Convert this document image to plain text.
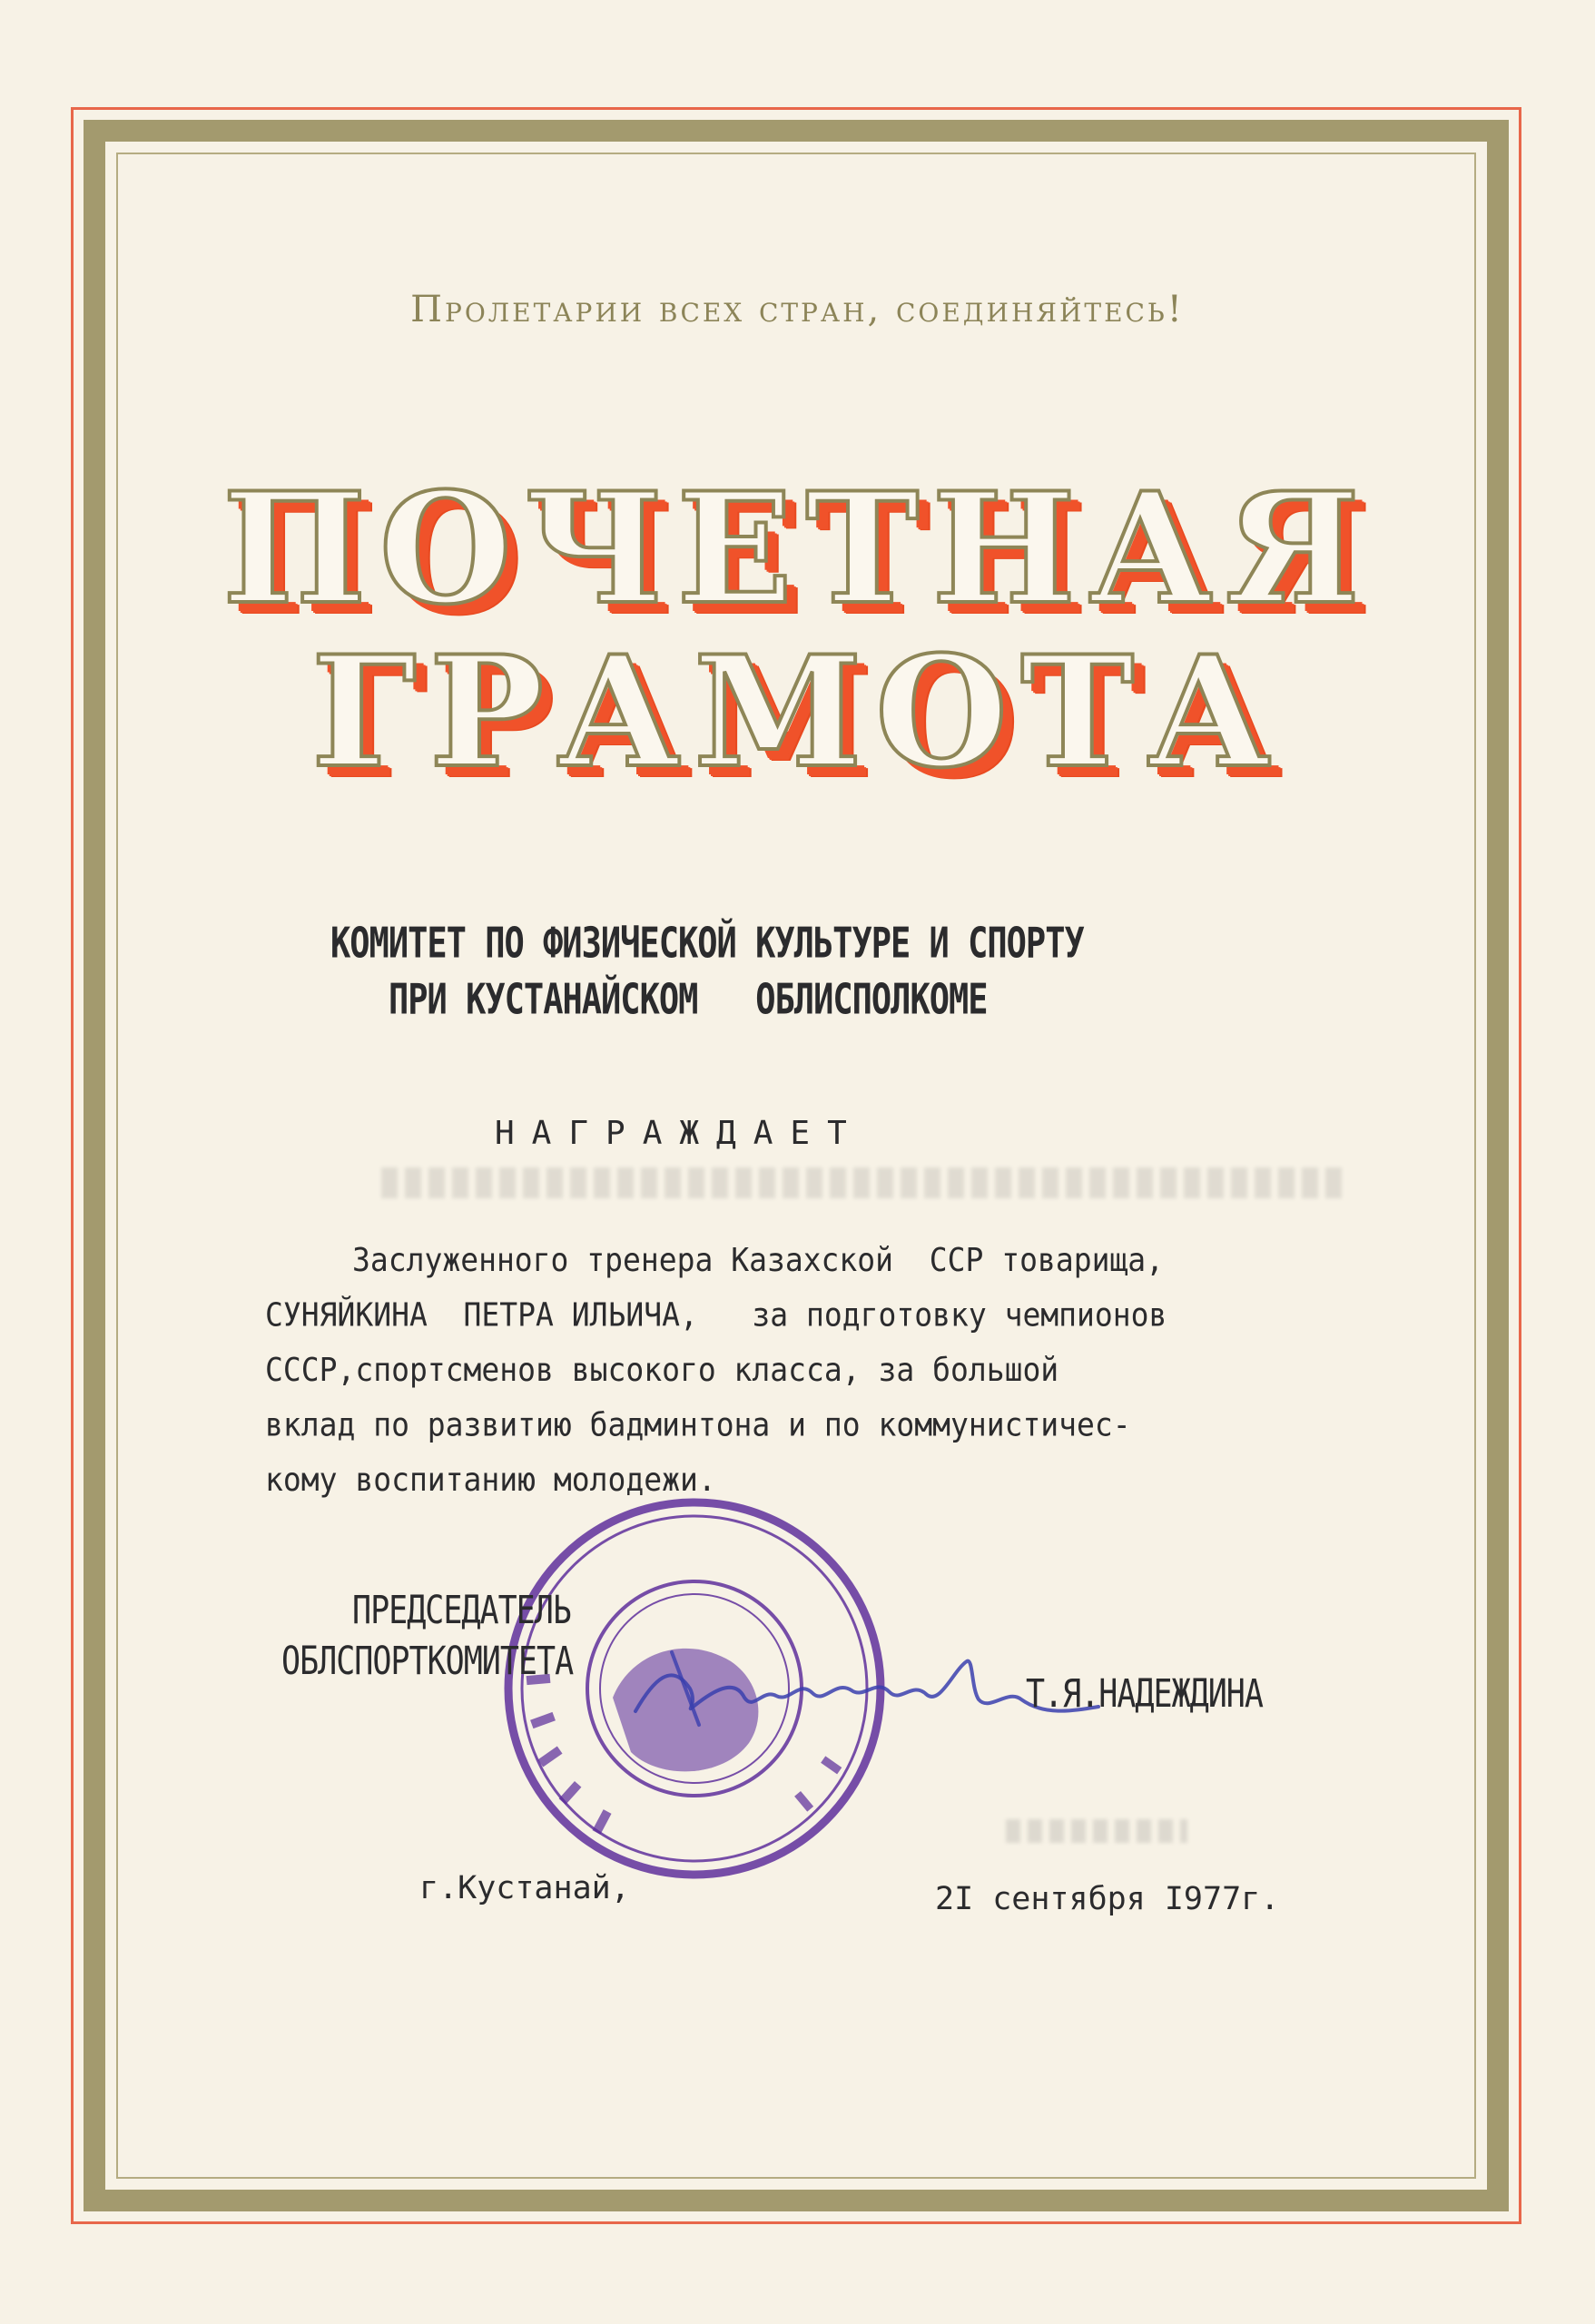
Пролетарии всех стран, соединяйтесь!
ПОЧЕТНАЯ
ГРАМОТА
КОМИТЕТ ПО ФИЗИЧЕСКОЙ КУЛЬТУРЕ И СПОРТУ
ПРИ КУСТАНАЙСКОМ   ОБЛИСПОЛКОМЕ
НАГРАЖДАЕТ
Заслуженного тренера Казахской  ССР товарища,
СУНЯЙКИНА  ПЕТРА ИЛЬИЧА,   за подготовку чемпионов
СССР,спортсменов высокого класса, за большой
вклад по развитию бадминтона и по коммунистичес-
кому воспитанию молодежи.
ПРЕДСЕДАТЕЛЬ
ОБЛСПОРТКОМИТЕТА
Т.Я.НАДЕЖДИНА
г.Кустанай,	2I сентября I977г.
